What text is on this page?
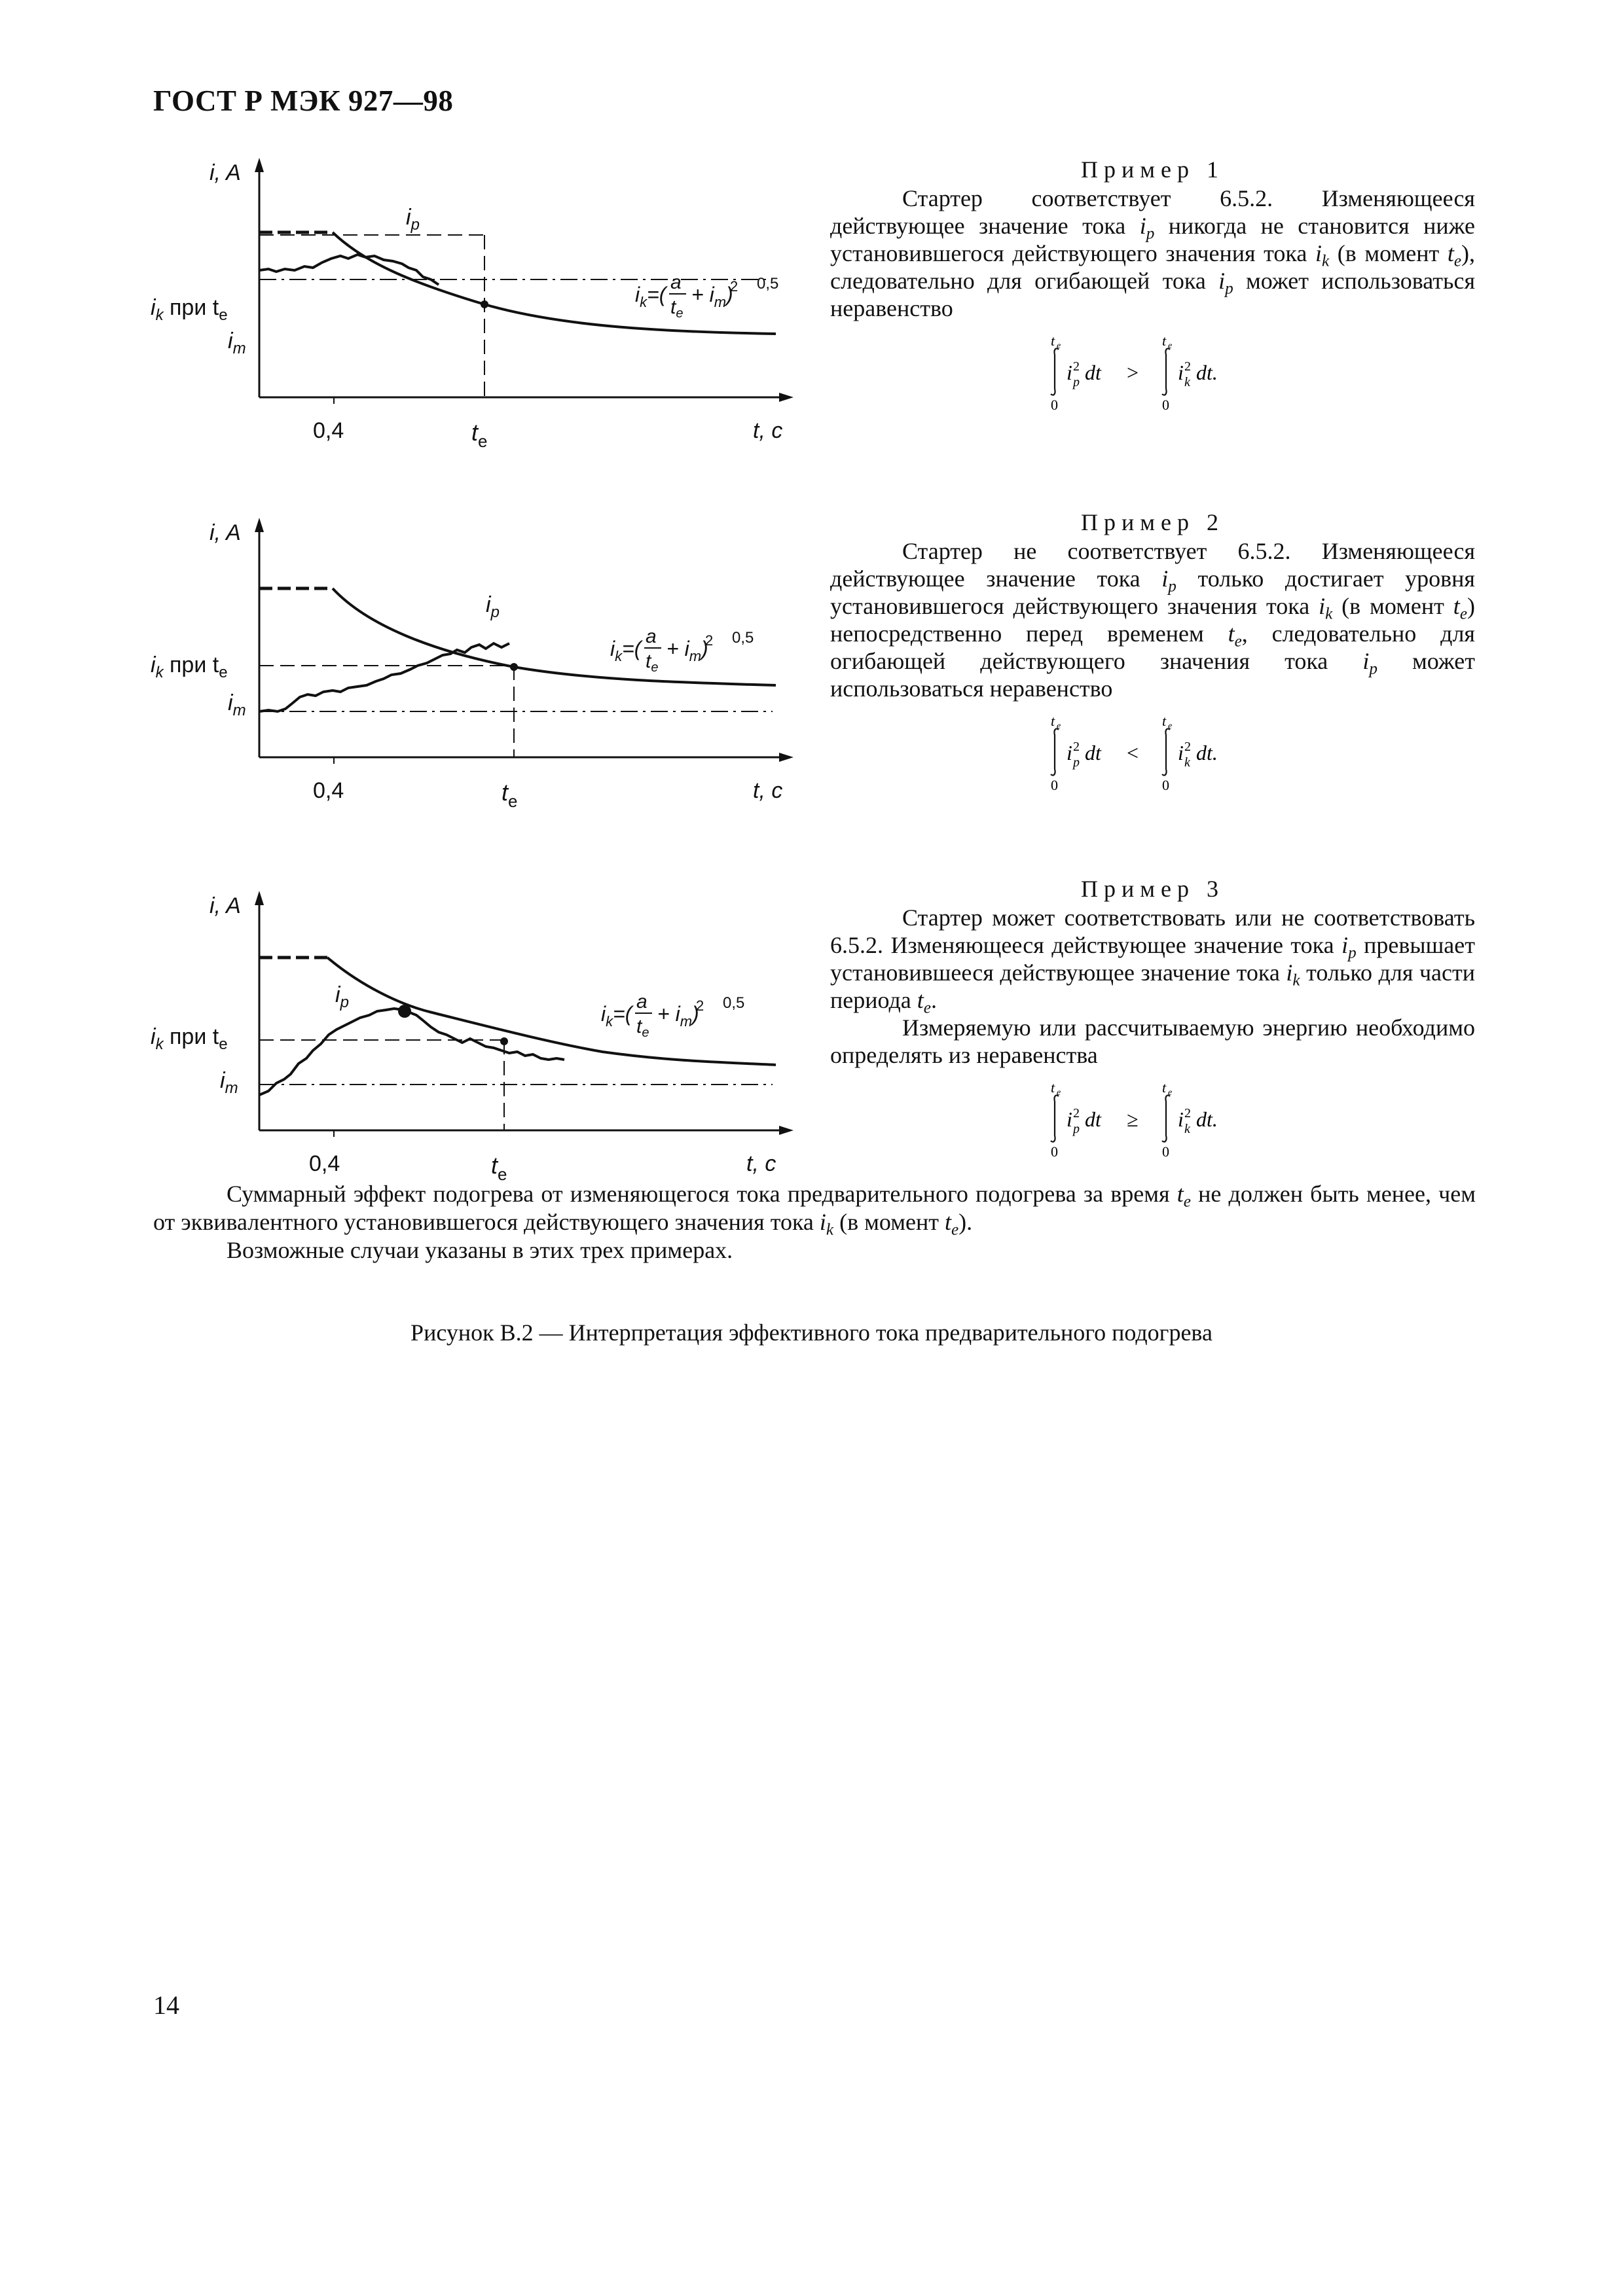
ГОСТ Р МЭК 927—98
i, A
$i_k$ при $t_e$
$i_m$
$i_p$
$i_k=$(
a
$t_e$
+ $i_m$)
2 0,5
0,4	$t_e$	t, c
i, A
$i_k$ при $t_e$
$i_m$
$i_p$
$i_k=$(
a
$t_e$
+ $i_m$)
2 0,5
0,4	$t_e$	t, c
i, A
$i_k$ при $t_e$
$i_m$
$i_p$	$i_k=$(
a
$t_e$
+ $i_m$)
2 0,5
0,4	$t_e$	t, c
Пример 1

Стартер соответствует 6.5.2. Изменяющееся действующее значение тока $i_p$ никогда не становится ниже установившегося действующего значения тока $i_k$ (в момент $t_e$), следовательно для огибающей тока $i_p$ может использоваться неравенство

t e
0
i 2
p dt >
t e
0
i 2
k dt.
Пример 2

Стартер не соответствует 6.5.2. Изменяющееся действующее значение тока $i_p$ только достигает уровня установившегося действующего значения тока $i_k$ (в момент $t_e$) непосредственно перед временем $t_e$, следовательно для огибающей действующего значения тока $i_p$ может использоваться неравенство

t e
0
i 2
p dt <
t e
0
i 2
k dt.
Пример 3

Стартер может соответствовать или не соответствовать 6.5.2. Изменяющееся действующее значение тока $i_p$ превышает установившееся действующее значение тока $i_k$ только для части периода $t_e$.

Измеряемую или рассчитываемую энергию необходимо определять из неравенства

t e
0
i 2
p dt ≥
t e
0
i 2
k dt.

Суммарный эффект подогрева от изменяющегося тока предварительного подогрева за время $t_e$ не должен быть менее, чем от эквивалентного установившегося действующего значения тока $i_k$ (в момент $t_e$).

Возможные случаи указаны в этих трех примерах.

Рисунок В.2 — Интерпретация эффективного тока предварительного подогрева
14
